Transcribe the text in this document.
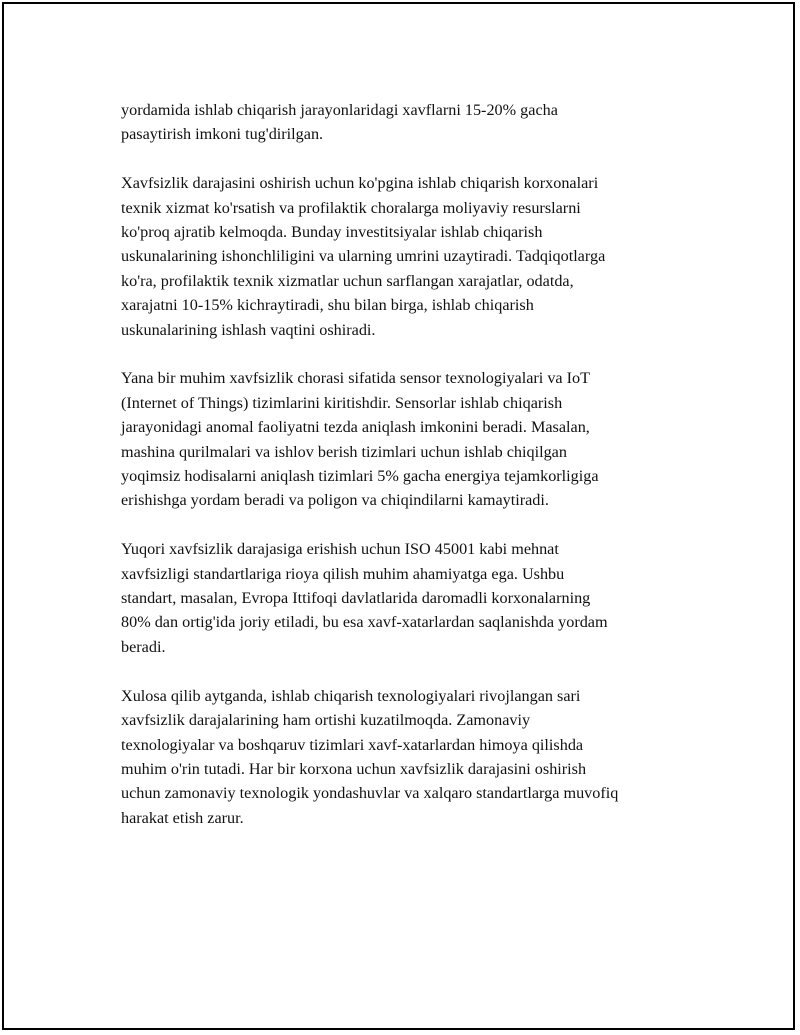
yordamida ishlab chiqarish jarayonlaridagi xavflarni 15-20% gacha
pasaytirish imkoni tug'dirilgan.

Xavfsizlik darajasini oshirish uchun ko'pgina ishlab chiqarish korxonalari
texnik xizmat ko'rsatish va profilaktik choralarga moliyaviy resurslarni
ko'proq ajratib kelmoqda. Bunday investitsiyalar ishlab chiqarish
uskunalarining ishonchliligini va ularning umrini uzaytiradi. Tadqiqotlarga
ko'ra, profilaktik texnik xizmatlar uchun sarflangan xarajatlar, odatda,
xarajatni 10-15% kichraytiradi, shu bilan birga, ishlab chiqarish
uskunalarining ishlash vaqtini oshiradi.

Yana bir muhim xavfsizlik chorasi sifatida sensor texnologiyalari va IoT
(Internet of Things) tizimlarini kiritishdir. Sensorlar ishlab chiqarish
jarayonidagi anomal faoliyatni tezda aniqlash imkonini beradi. Masalan,
mashina qurilmalari va ishlov berish tizimlari uchun ishlab chiqilgan
yoqimsiz hodisalarni aniqlash tizimlari 5% gacha energiya tejamkorligiga
erishishga yordam beradi va poligon va chiqindilarni kamaytiradi.

Yuqori xavfsizlik darajasiga erishish uchun ISO 45001 kabi mehnat
xavfsizligi standartlariga rioya qilish muhim ahamiyatga ega. Ushbu
standart, masalan, Evropa Ittifoqi davlatlarida daromadli korxonalarning
80% dan ortig'ida joriy etiladi, bu esa xavf-xatarlardan saqlanishda yordam
beradi.

Xulosa qilib aytganda, ishlab chiqarish texnologiyalari rivojlangan sari
xavfsizlik darajalarining ham ortishi kuzatilmoqda. Zamonaviy
texnologiyalar va boshqaruv tizimlari xavf-xatarlardan himoya qilishda
muhim o'rin tutadi. Har bir korxona uchun xavfsizlik darajasini oshirish
uchun zamonaviy texnologik yondashuvlar va xalqaro standartlarga muvofiq
harakat etish zarur.
